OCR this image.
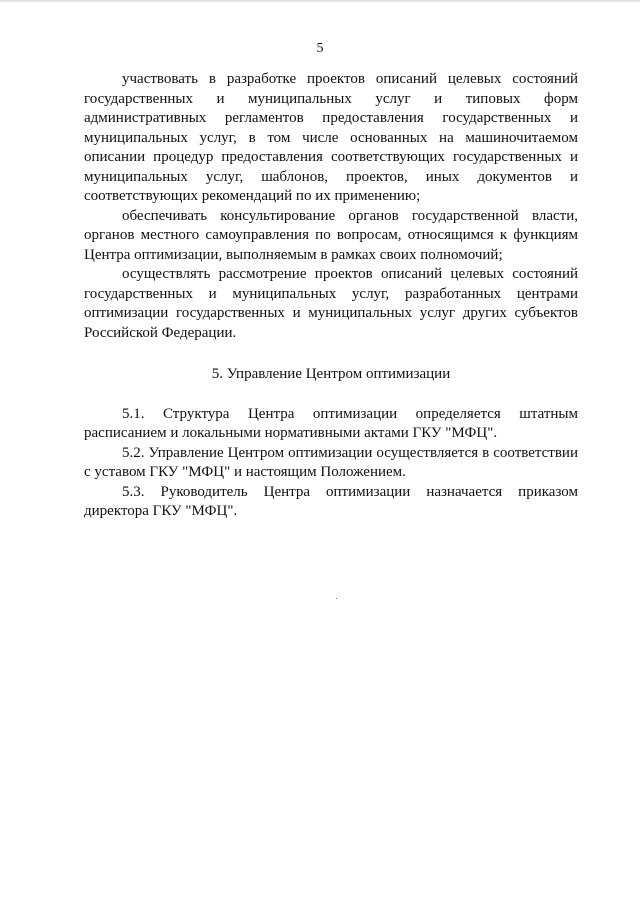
5

участвовать в разработке проектов описаний целевых состояний государственных и муниципальных услуг и типовых форм административных регламентов предоставления государственных и муниципальных услуг, в том числе основанных на машиночитаемом описании процедур предоставления соответствующих государственных и муниципальных услуг, шаблонов, проектов, иных документов и соответствующих рекомендаций по их применению;

обеспечивать консультирование органов государственной власти, органов местного самоуправления по вопросам, относящимся к функциям Центра оптимизации, выполняемым в рамках своих полномочий;

осуществлять рассмотрение проектов описаний целевых состояний государственных и муниципальных услуг, разработанных центрами оптимизации государственных и муниципальных услуг других субъектов Российской Федерации.

5. Управление Центром оптимизации

5.1. Структура Центра оптимизации определяется штатным расписанием и локальными нормативными актами ГКУ "МФЦ".

5.2. Управление Центром оптимизации осуществляется в соответствии с уставом ГКУ "МФЦ" и настоящим Положением.

5.3. Руководитель Центра оптимизации назначается приказом директора ГКУ "МФЦ".
